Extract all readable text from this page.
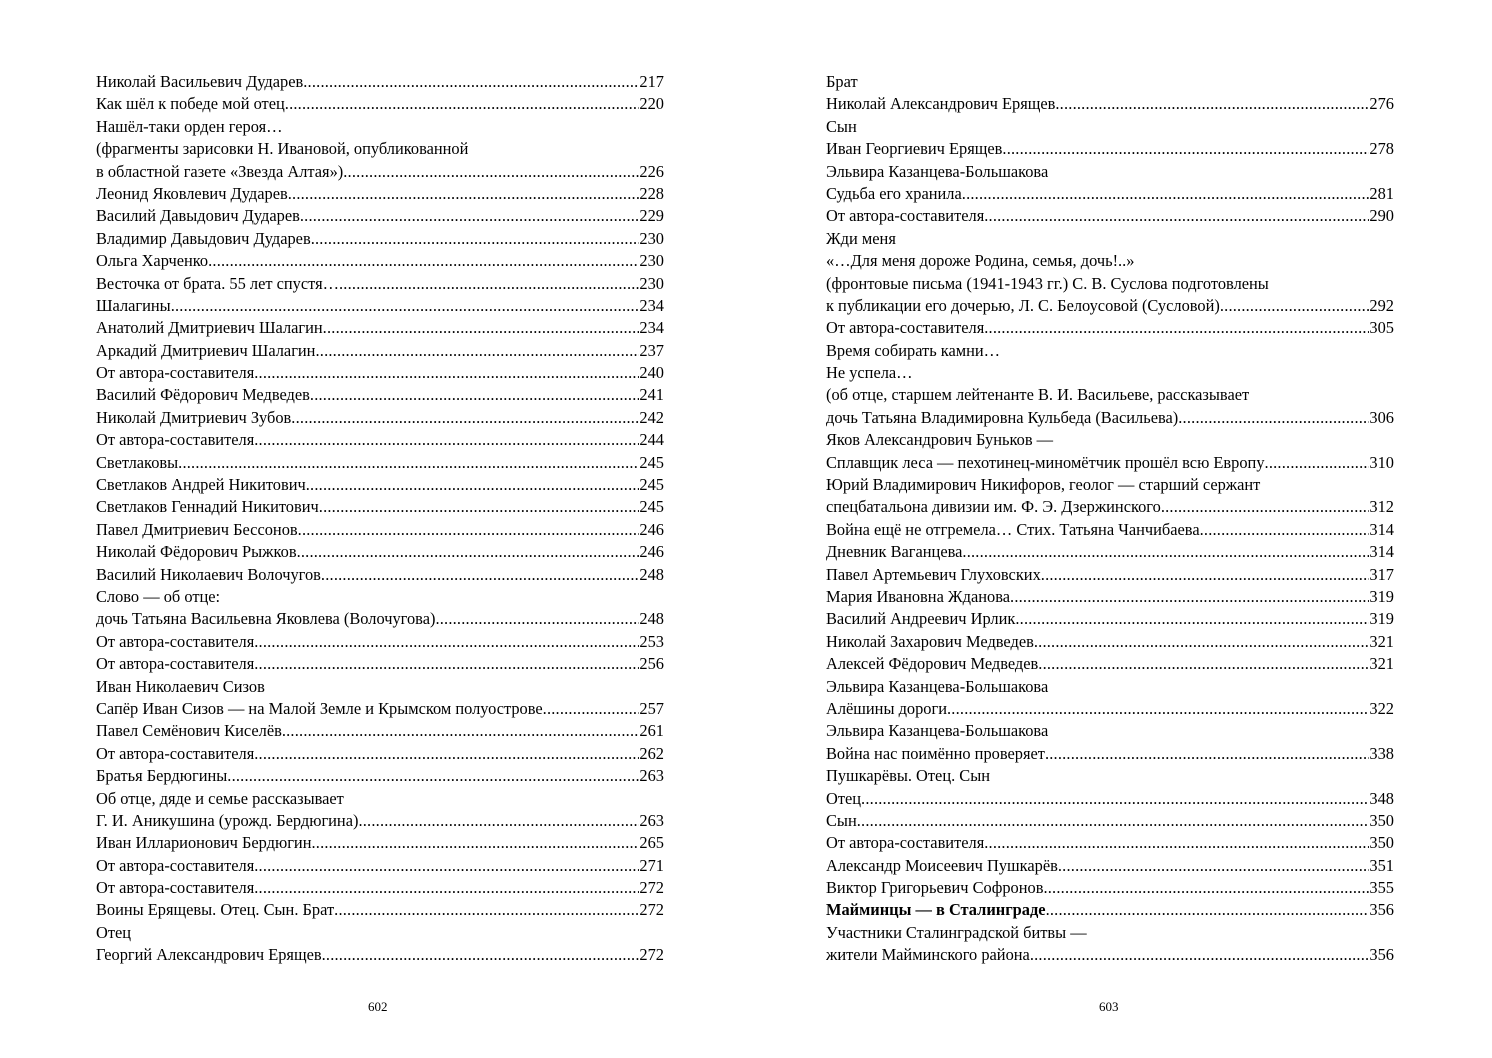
Николай Васильевич Дударев .....	217
Как шёл к победе мой отец .....	220
Нашёл-таки орден героя…
(фрагменты зарисовки Н. Ивановой, опубликованной
в областной газете «Звезда Алтая») .....	226
Леонид Яковлевич Дударев .....	228
Василий Давыдович Дударев .....	229
Владимир Давыдович Дударев .....	230
Ольга Харченко .....	230
Весточка от брата. 55 лет спустя… .....	230
Шалагины .....	234
Анатолий Дмитриевич Шалагин .....	234
Аркадий Дмитриевич Шалагин .....	237
От автора-составителя .....	240
Василий Фёдорович Медведев .....	241
Николай Дмитриевич Зубов .....	242
От автора-составителя .....	244
Светлаковы .....	245
Светлаков Андрей Никитович .....	245
Светлаков Геннадий Никитович .....	245
Павел Дмитриевич Бессонов .....	246
Николай Фёдорович Рыжков .....	246
Василий Николаевич Волочугов .....	248
Слово — об отце:
дочь Татьяна Васильевна Яковлева (Волочугова) .....	248
От автора-составителя .....	253
От автора-составителя .....	256
Иван Николаевич Сизов
Сапёр Иван Сизов — на Малой Земле и Крымском полуострове .....	257
Павел Семёнович Киселёв .....	261
От автора-составителя .....	262
Братья Бердюгины .....	263
Об отце, дяде и семье рассказывает
Г. И. Аникушина (урожд. Бердюгина) .....	263
Иван Илларионович Бердюгин .....	265
От автора-составителя .....	271
От автора-составителя .....	272
Воины Ерящевы. Отец. Сын. Брат .....	272
Отец
Георгий Александрович Ерящев .....	272
602
Брат
Николай Александрович Ерящев .....	276
Сын
Иван Георгиевич Ерящев .....	278
Эльвира Казанцева-Большакова
Судьба его хранила .....	281
От автора-составителя .....	290
Жди меня
«…Для меня дороже Родина, семья, дочь!..»
(фронтовые письма (1941-1943 гг.) С. В. Суслова подготовлены
к публикации его дочерью, Л. С. Белоусовой (Сусловой) .....	292
От автора-составителя .....	305
Время собирать камни…
Не успела…
(об отце, старшем лейтенанте В. И. Васильеве, рассказывает
дочь Татьяна Владимировна Кульбеда (Васильева) .....	306
Яков Александрович Буньков —
Сплавщик леса — пехотинец-миномётчик прошёл всю Европу .....	310
Юрий Владимирович Никифоров, геолог — старший сержант
спецбатальона дивизии им. Ф. Э. Дзержинского .....	312
Война ещё не отгремела… Стих. Татьяна Чанчибаева .....	314
Дневник Ваганцева .....	314
Павел Артемьевич Глуховских .....	317
Мария Ивановна Жданова .....	319
Василий Андреевич Ирлик .....	319
Николай Захарович Медведев .....	321
Алексей Фёдорович Медведев .....	321
Эльвира Казанцева-Большакова
Алёшины дороги .....	322
Эльвира Казанцева-Большакова
Война нас поимённо проверяет .....	338
Пушкарёвы. Отец. Сын
Отец .....	348
Сын .....	350
От автора-составителя .....	350
Александр Моисеевич Пушкарёв .....	351
Виктор Григорьевич Софронов .....	355
Майминцы — в Сталинграде .....	356
Участники Сталинградской битвы —
жители Майминского района .....	356
603
